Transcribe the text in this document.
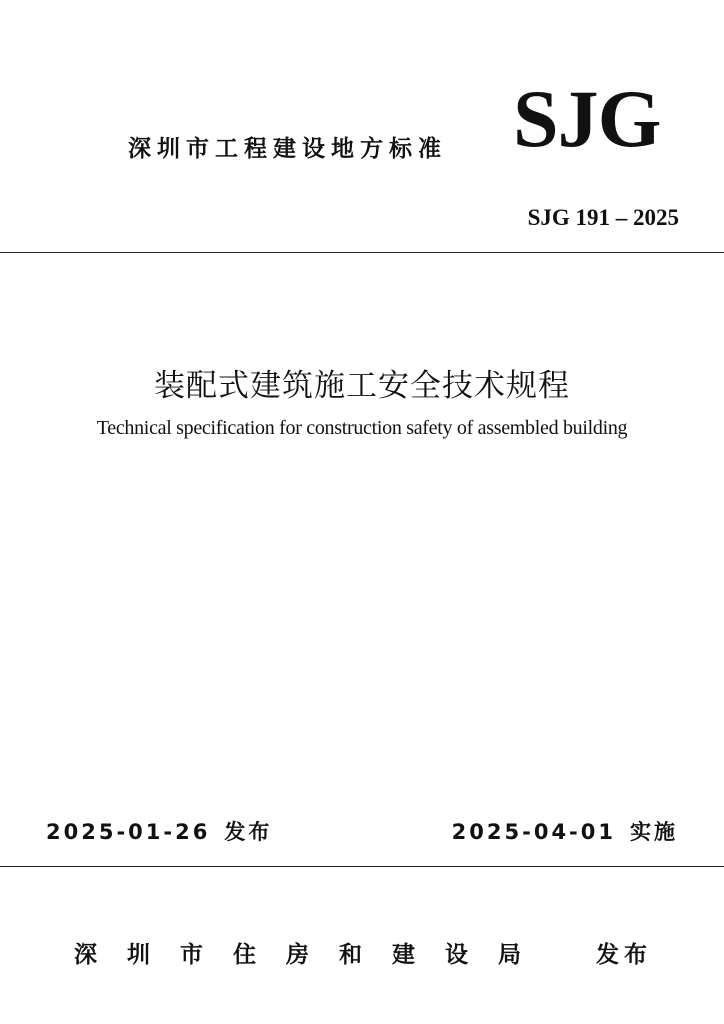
深圳市工程建设地方标准 SJG
SJG 191 – 2025
装配式建筑施工安全技术规程
Technical specification for construction safety of assembled building
2025-01-26 发布	2025-04-01 实施
深圳市住房和建设局 发布
